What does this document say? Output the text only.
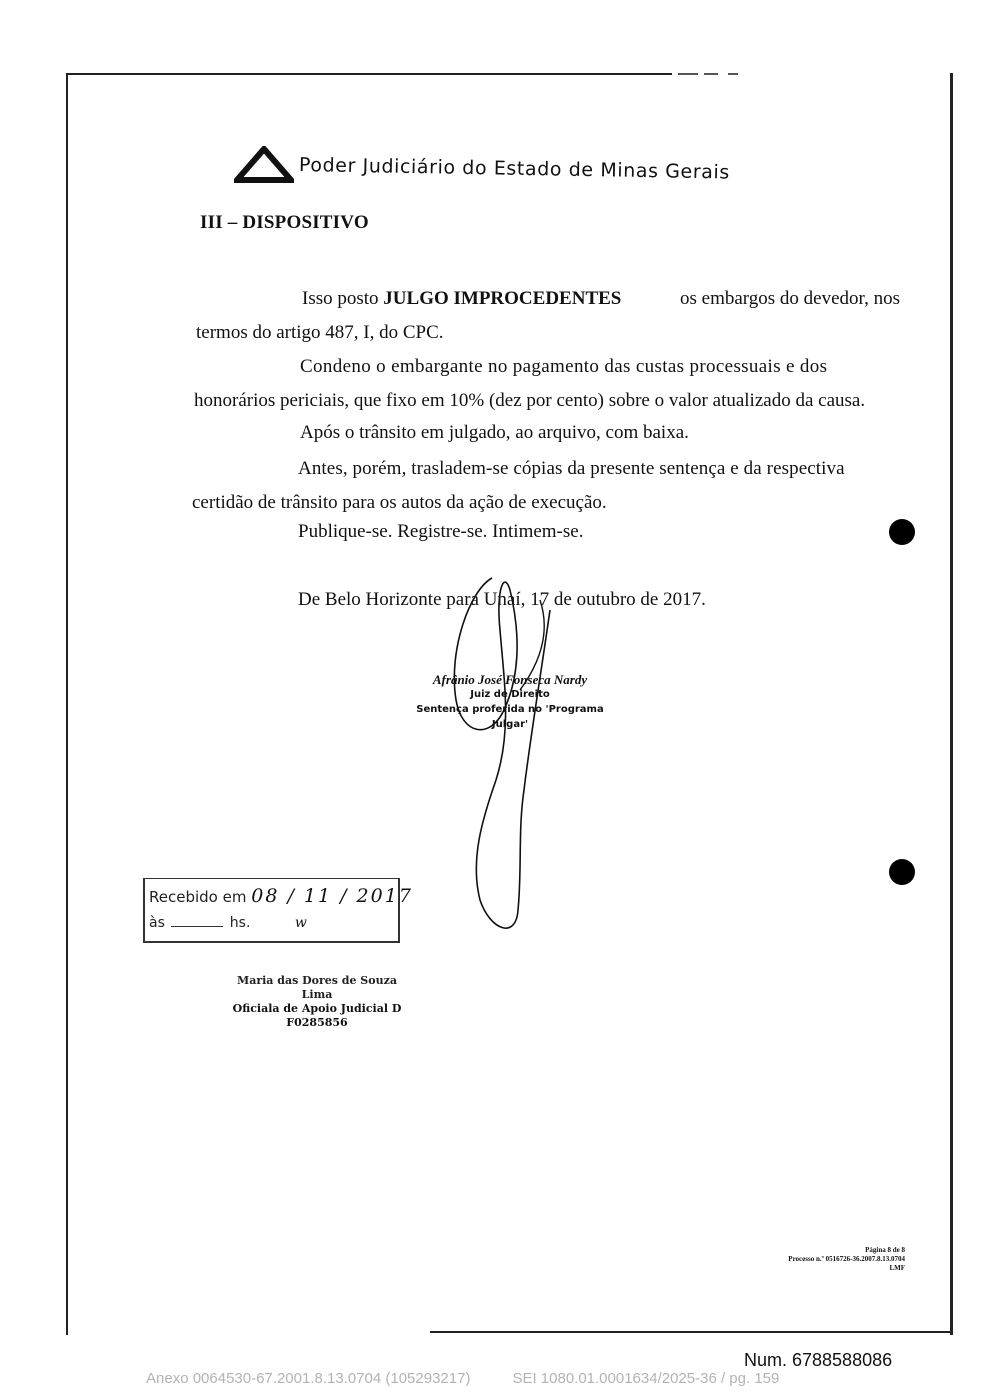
Poder Judiciário do Estado de Minas Gerais
III – DISPOSITIVO
Isso posto JULGO IMPROCEDENTES	os embargos do devedor, nos
termos do artigo 487, I, do CPC.
Condeno o embargante no pagamento das custas processuais e dos
honorários periciais, que fixo em 10% (dez por cento) sobre o valor atualizado da causa.
Após o trânsito em julgado, ao arquivo, com baixa.
Antes, porém, trasladem-se cópias da presente sentença e da respectiva
certidão de trânsito para os autos da ação de execução.
Publique-se. Registre-se. Intimem-se.
De Belo Horizonte para Unaí, 17 de outubro de 2017.
Afrânio José Fonseca Nardy
Juiz de Direito
Sentença proferida no 'Programa Julgar'
Recebido em 08 / 11 / 2017
às	hs.	w
Maria das Dores de Souza Lima
Oficiala de Apoio Judicial D
F0285856
Página 8 de 8
Processo n.º 0516726-36.2007.8.13.0704
LMF
Num. 6788588086
Anexo 0064530-67.2001.8.13.0704 (105293217)	SEI 1080.01.0001634/2025-36 / pg. 159
